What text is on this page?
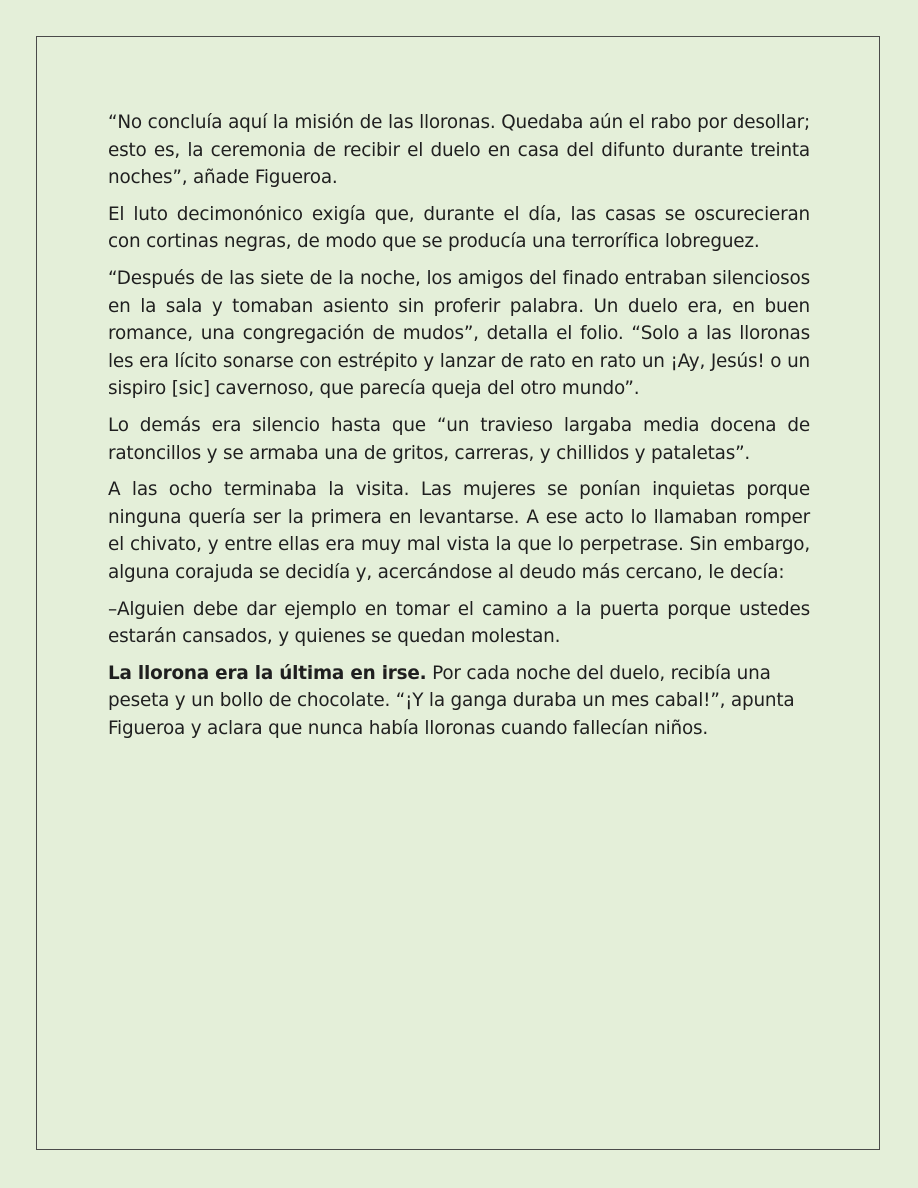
“No concluía aquí la misión de las lloronas. Quedaba aún el rabo por desollar; esto es, la ceremonia de recibir el duelo en casa del difunto durante treinta noches”, añade Figueroa.

El luto decimonónico exigía que, durante el día, las casas se oscurecieran con cortinas negras, de modo que se producía una terrorífica lobreguez.

“Después de las siete de la noche, los amigos del finado entraban silenciosos en la sala y tomaban asiento sin proferir palabra. Un duelo era, en buen romance, una congregación de mudos”, detalla el folio. “Solo a las lloronas les era lícito sonarse con estrépito y lanzar de rato en rato un ¡Ay, Jesús! o un sispiro [sic] cavernoso, que parecía queja del otro mundo”.

Lo demás era silencio hasta que “un travieso largaba media docena de ratoncillos y se armaba una de gritos, carreras, y chillidos y pataletas”.

A las ocho terminaba la visita. Las mujeres se ponían inquietas porque ninguna quería ser la primera en levantarse. A ese acto lo llamaban romper el chivato, y entre ellas era muy mal vista la que lo perpetrase. Sin embargo, alguna corajuda se decidía y, acercándose al deudo más cercano, le decía:

–Alguien debe dar ejemplo en tomar el camino a la puerta porque ustedes estarán cansados, y quienes se quedan molestan.

La llorona era la última en irse. Por cada noche del duelo, recibía una peseta y un bollo de chocolate. “¡Y la ganga duraba un mes cabal!”, apunta Figueroa y aclara que nunca había lloronas cuando fallecían niños.
